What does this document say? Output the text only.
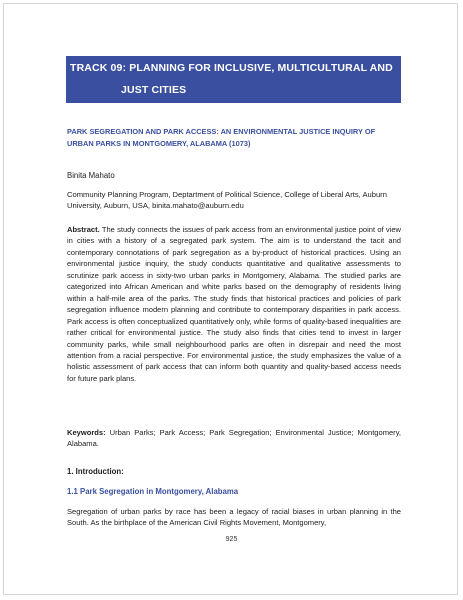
TRACK 09: PLANNING FOR INCLUSIVE, MULTICULTURAL AND
JUST CITIES
PARK SEGREGATION AND PARK ACCESS: AN ENVIRONMENTAL JUSTICE INQUIRY OF URBAN PARKS IN MONTGOMERY, ALABAMA (1073)
Binita Mahato
Community Planning Program, Deptartment of Political Science, College of Liberal Arts, Auburn University, Auburn, USA, binita.mahato@auburn.edu
Abstract. The study connects the issues of park access from an environmental justice point of view in cities with a history of a segregated park system. The aim is to understand the tacit and contemporary connotations of park segregation as a by-product of historical practices. Using an environmental justice inquiry, the study conducts quantitative and qualitative assessments to scrutinize park access in sixty-two urban parks in Montgomery, Alabama. The studied parks are categorized into African American and white parks based on the demography of residents living within a half-mile area of the parks. The study finds that historical practices and policies of park segregation influence modern planning and contribute to contemporary disparities in park access. Park access is often conceptualized quantitatively only, while forms of quality-based inequalities are rather critical for environmental justice. The study also finds that cities tend to invest in larger community parks, while small neighbourhood parks are often in disrepair and need the most attention from a racial perspective. For environmental justice, the study emphasizes the value of a holistic assessment of park access that can inform both quantity and quality-based access needs for future park plans.
Keywords: Urban Parks; Park Access; Park Segregation; Environmental Justice; Montgomery, Alabama.
1. Introduction:
1.1 Park Segregation in Montgomery, Alabama
Segregation of urban parks by race has been a legacy of racial biases in urban planning in the South. As the birthplace of the American Civil Rights Movement, Montgomery,
925
